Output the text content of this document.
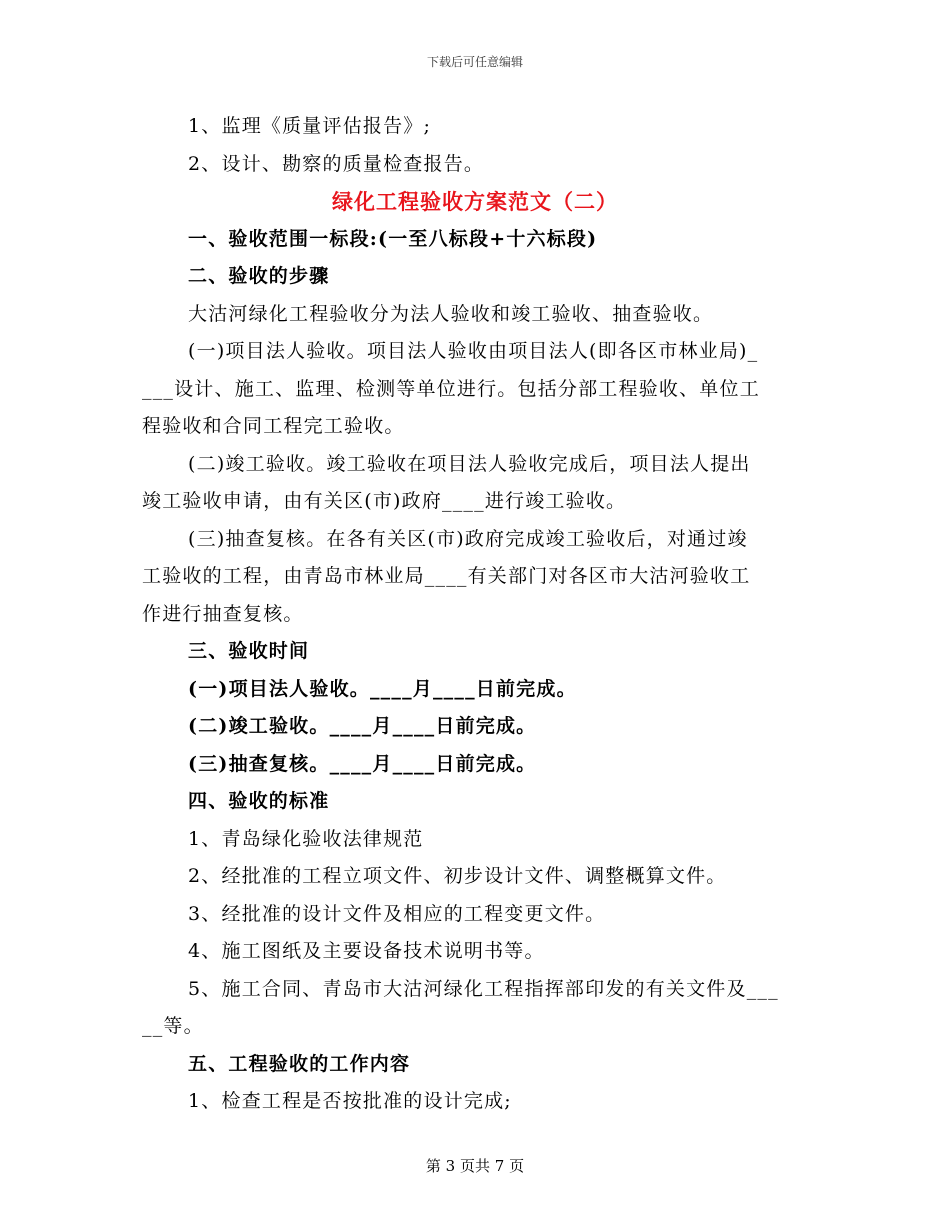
下载后可任意编辑
1、监理《质量评估报告》;
2、设计、勘察的质量检查报告。
绿化工程验收方案范文（二）
一、验收范围一标段:(一至八标段+十六标段)
二、验收的步骤
大沽河绿化工程验收分为法人验收和竣工验收、抽查验收。
(一)项目法人验收。项目法人验收由项目法人(即各区市林业局)_
___设计、施工、监理、检测等单位进行。包括分部工程验收、单位工
程验收和合同工程完工验收。
(二)竣工验收。竣工验收在项目法人验收完成后，项目法人提出
竣工验收申请，由有关区(市)政府____进行竣工验收。
(三)抽查复核。在各有关区(市)政府完成竣工验收后，对通过竣
工验收的工程，由青岛市林业局____有关部门对各区市大沽河验收工
作进行抽查复核。
三、验收时间
(一)项目法人验收。____月____日前完成。
(二)竣工验收。____月____日前完成。
(三)抽查复核。____月____日前完成。
四、验收的标准
1、青岛绿化验收法律规范
2、经批准的工程立项文件、初步设计文件、调整概算文件。
3、经批准的设计文件及相应的工程变更文件。
4、施工图纸及主要设备技术说明书等。
5、施工合同、青岛市大沽河绿化工程指挥部印发的有关文件及___
__等。
五、工程验收的工作内容
1、检查工程是否按批准的设计完成;
第 3 页共 7 页
